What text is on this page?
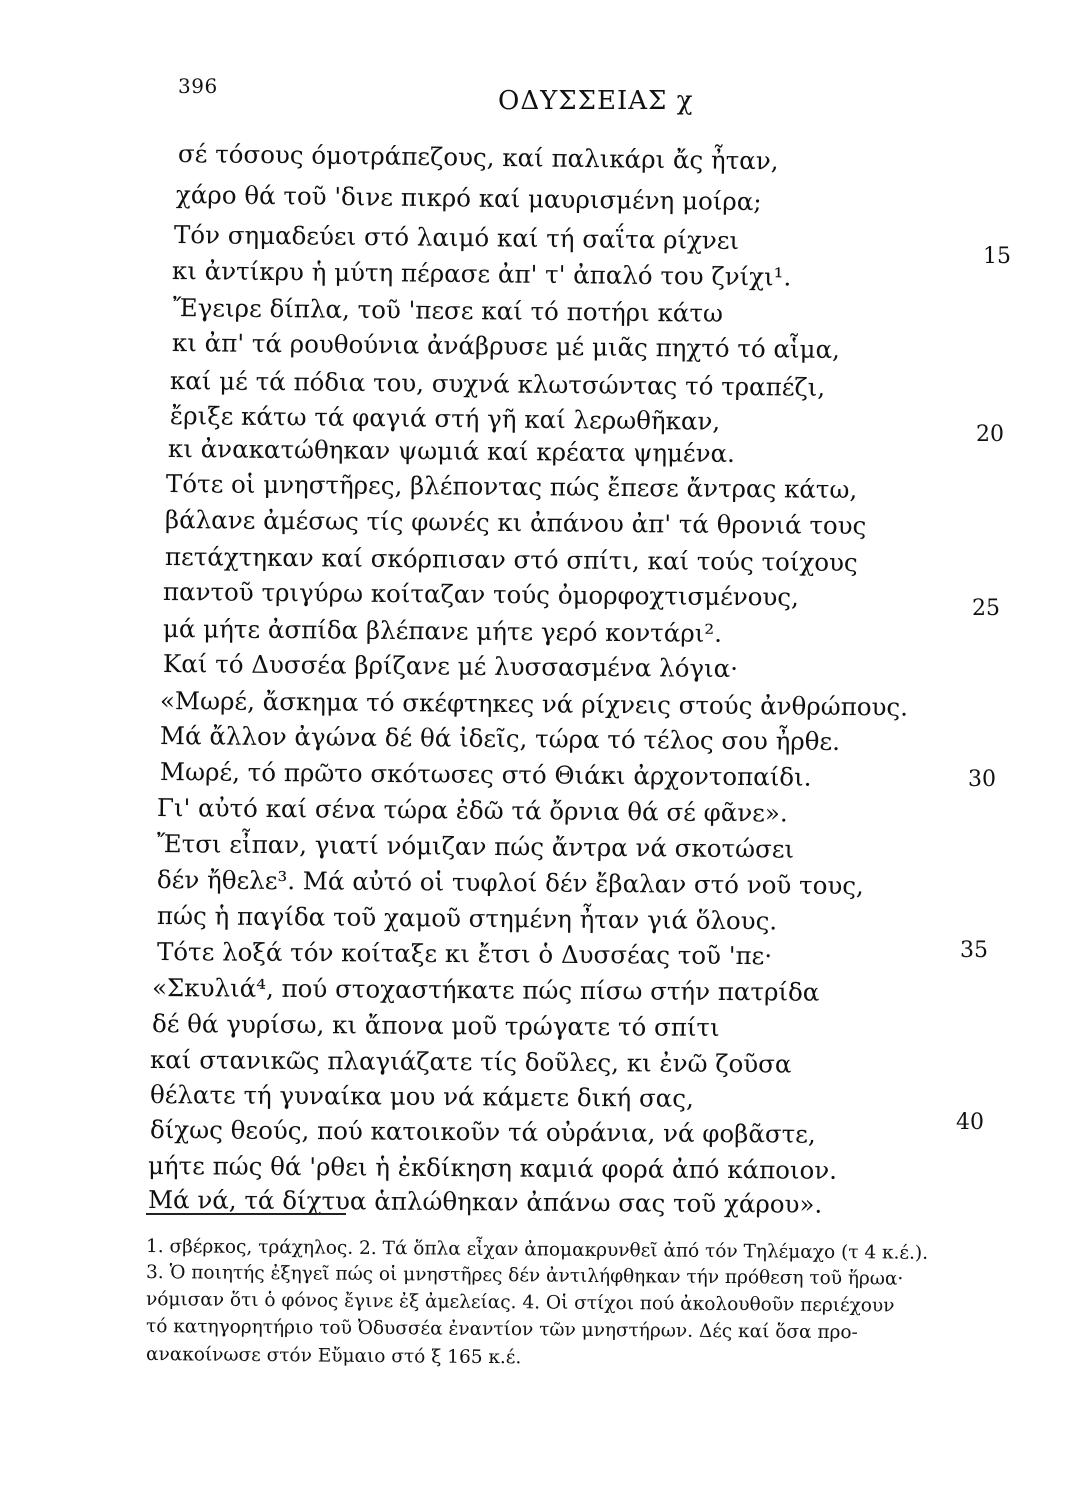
396	ΟΔΥΣΣΕΙΑΣ χ
σέ τόσους όμοτράπεζους, καί παλικάρι ἄς ἦταν,
χάρο θά τοῦ 'δινε πικρό καί μαυρισμένη μοίρα;
Τόν σημαδεύει στό λαιμό καί τή σαΐτα ρίχνει
κι ἀντίκρυ ἡ μύτη πέρασε ἀπ' τ' ἀπαλό του ζνίχι¹.
Ἔγειρε δίπλα, τοῦ 'πεσε καί τό ποτήρι κάτω
κι ἀπ' τά ρουθούνια ἀνάβρυσε μέ μιᾶς πηχτό τό αἷμα,
καί μέ τά πόδια του, συχνά κλωτσώντας τό τραπέζι,
ἔριξε κάτω τά φαγιά στή γῆ καί λερωθῆκαν,
κι ἀνακατώθηκαν ψωμιά καί κρέατα ψημένα.
Τότε οἱ μνηστῆρες, βλέποντας πώς ἔπεσε ἄντρας κάτω,
βάλανε ἀμέσως τίς φωνές κι ἀπάνου ἀπ' τά θρονιά τους
πετάχτηκαν καί σκόρπισαν στό σπίτι, καί τούς τοίχους
παντοῦ τριγύρω κοίταζαν τούς ὀμορφοχτισμένους,
μά μήτε ἀσπίδα βλέπανε μήτε γερό κοντάρι².
Καί τό Δυσσέα βρίζανε μέ λυσσασμένα λόγια·
«Μωρέ, ἄσκημα τό σκέφτηκες νά ρίχνεις στούς ἀνθρώπους.
Μά ἄλλον ἀγώνα δέ θά ἰδεῖς, τώρα τό τέλος σου ἦρθε.
Μωρέ, τό πρῶτο σκότωσες στό Θιάκι ἀρχοντοπαίδι.
Γι' αὐτό καί σένα τώρα ἐδῶ τά ὄρνια θά σέ φᾶνε».
Ἔτσι εἶπαν, γιατί νόμιζαν πώς ἄντρα νά σκοτώσει
δέν ἤθελε³. Μά αὐτό οἱ τυφλοί δέν ἔβαλαν στό νοῦ τους,
πώς ἡ παγίδα τοῦ χαμοῦ στημένη ἦταν γιά ὅλους.
Τότε λοξά τόν κοίταξε κι ἔτσι ὁ Δυσσέας τοῦ 'πε·
«Σκυλιά⁴, πού στοχαστήκατε πώς πίσω στήν πατρίδα
δέ θά γυρίσω, κι ἄπονα μοῦ τρώγατε τό σπίτι
καί στανικῶς πλαγιάζατε τίς δοῦλες, κι ἐνῶ ζοῦσα
θέλατε τή γυναίκα μου νά κάμετε δική σας,
δίχως θεούς, πού κατοικοῦν τά οὐράνια, νά φοβᾶστε,
μήτε πώς θά 'ρθει ἡ ἐκδίκηση καμιά φορά ἀπό κάποιον.
Μά νά, τά δίχτυα ἁπλώθηκαν ἀπάνω σας τοῦ χάρου».
15
20
25
30
35
40
1. σβέρκος, τράχηλος. 2. Τά ὅπλα εἶχαν ἀπομακρυνθεῖ ἀπό τόν Τηλέμαχο (τ 4 κ.έ.).
3. Ὁ ποιητής ἐξηγεῖ πώς οἱ μνηστῆρες δέν ἀντιλήφθηκαν τήν πρόθεση τοῦ ἥρωα·
νόμισαν ὅτι ὁ φόνος ἔγινε ἐξ ἀμελείας. 4. Οἱ στίχοι πού ἀκολουθοῦν περιέχουν
τό κατηγορητήριο τοῦ Ὀδυσσέα ἐναντίον τῶν μνηστήρων. Δές καί ὅσα προ-
ανακοίνωσε στόν Εὔμαιο στό ξ 165 κ.έ.
